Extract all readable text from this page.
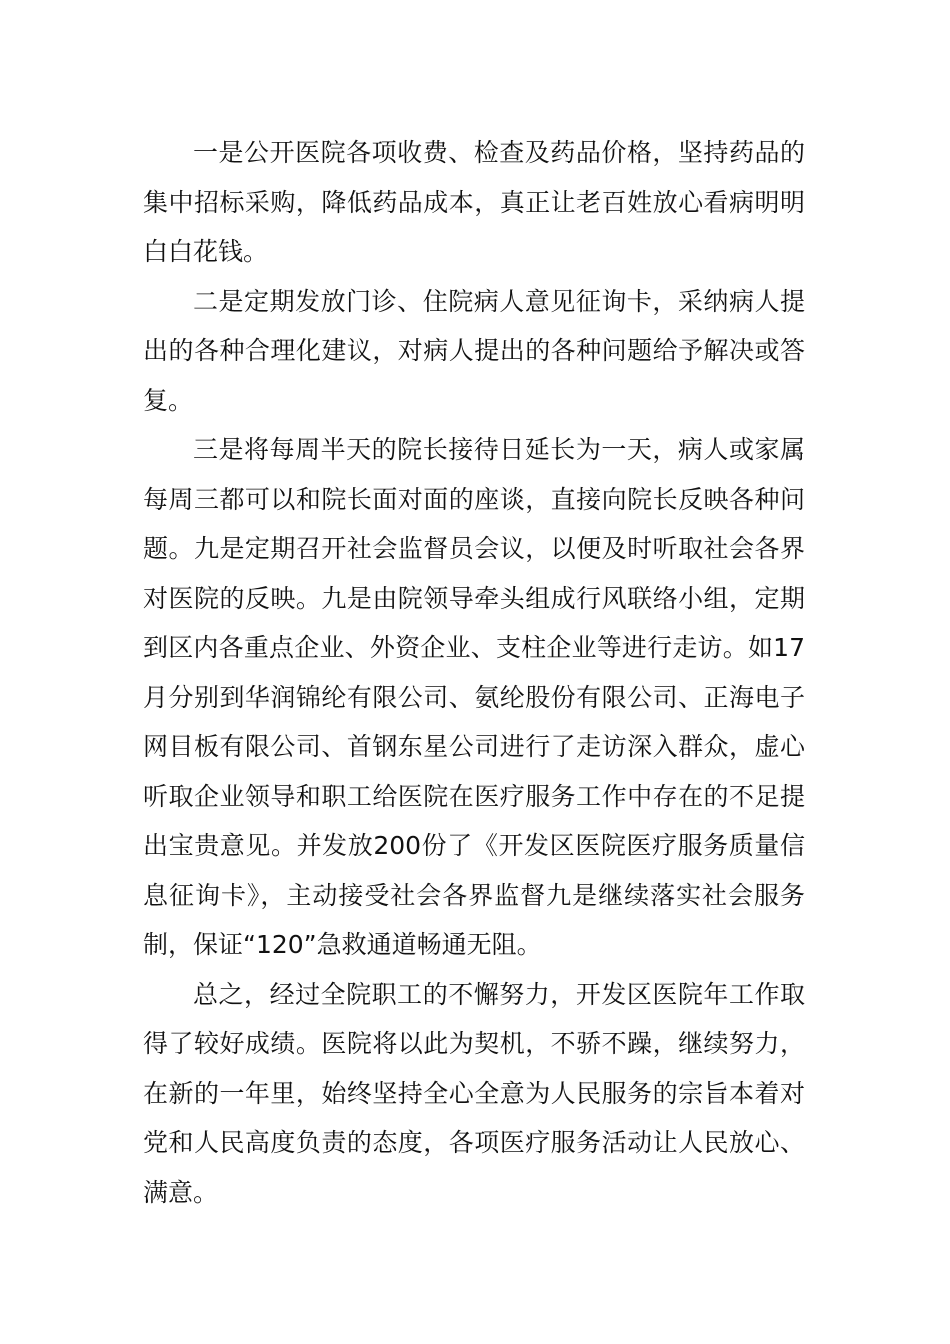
一是公开医院各项收费、检查及药品价格，坚持药品的集中招标采购，降低药品成本，真正让老百姓放心看病明明白白花钱。

二是定期发放门诊、住院病人意见征询卡，采纳病人提出的各种合理化建议，对病人提出的各种问题给予解决或答复。

三是将每周半天的院长接待日延长为一天，病人或家属每周三都可以和院长面对面的座谈，直接向院长反映各种问题。九是定期召开社会监督员会议，以便及时听取社会各界对医院的反映。九是由院领导牵头组成行风联络小组，定期到区内各重点企业、外资企业、支柱企业等进行走访。如17月分别到华润锦纶有限公司、氨纶股份有限公司、正海电子网目板有限公司、首钢东星公司进行了走访深入群众，虚心听取企业领导和职工给医院在医疗服务工作中存在的不足提出宝贵意见。并发放200份了《开发区医院医疗服务质量信息征询卡》，主动接受社会各界监督九是继续落实社会服务制，保证“120”急救通道畅通无阻。

总之，经过全院职工的不懈努力，开发区医院年工作取得了较好成绩。医院将以此为契机，不骄不躁，继续努力，在新的一年里，始终坚持全心全意为人民服务的宗旨本着对党和人民高度负责的态度，各项医疗服务活动让人民放心、满意。
